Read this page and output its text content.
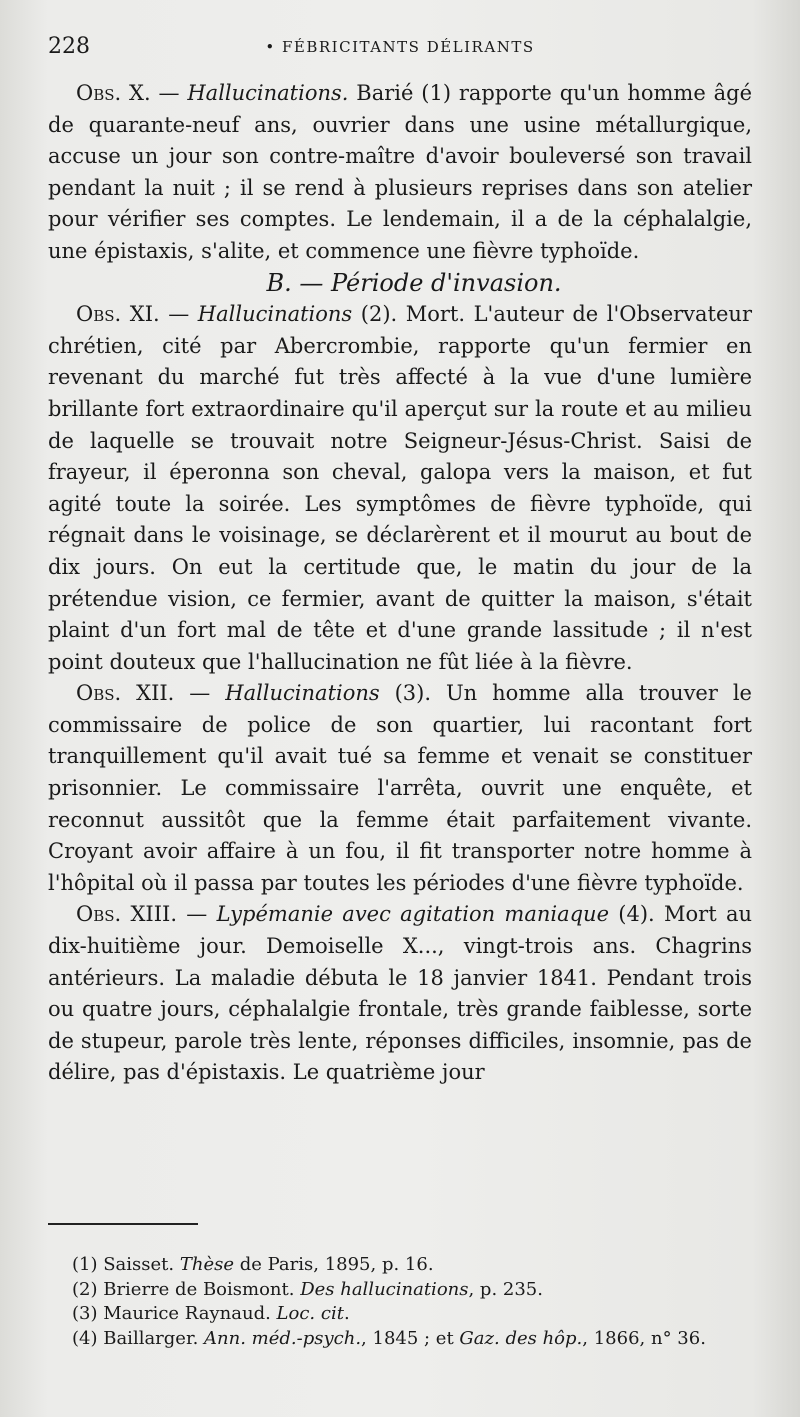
228	• FÉBRICITANTS DÉLIRANTS

Obs. X. — Hallucinations. Barié (1) rapporte qu'un homme âgé de quarante-neuf ans, ouvrier dans une usine métallurgique, accuse un jour son contre-maître d'avoir bouleversé son travail pendant la nuit ; il se rend à plusieurs reprises dans son atelier pour vérifier ses comptes. Le lendemain, il a de la céphalalgie, une épistaxis, s'alite, et commence une fièvre typhoïde.

B. — Période d'invasion.

Obs. XI. — Hallucinations (2). Mort. L'auteur de l'Observateur chrétien, cité par Abercrombie, rapporte qu'un fermier en revenant du marché fut très affecté à la vue d'une lumière brillante fort extraordinaire qu'il aperçut sur la route et au milieu de laquelle se trouvait notre Seigneur-Jésus-Christ. Saisi de frayeur, il éperonna son cheval, galopa vers la maison, et fut agité toute la soirée. Les symptômes de fièvre typhoïde, qui régnait dans le voisinage, se déclarèrent et il mourut au bout de dix jours. On eut la certitude que, le matin du jour de la prétendue vision, ce fermier, avant de quitter la maison, s'était plaint d'un fort mal de tête et d'une grande lassitude ; il n'est point douteux que l'hallucination ne fût liée à la fièvre.

Obs. XII. — Hallucinations (3). Un homme alla trouver le commissaire de police de son quartier, lui racontant fort tranquillement qu'il avait tué sa femme et venait se constituer prisonnier. Le commissaire l'arrêta, ouvrit une enquête, et reconnut aussitôt que la femme était parfaitement vivante. Croyant avoir affaire à un fou, il fit transporter notre homme à l'hôpital où il passa par toutes les périodes d'une fièvre typhoïde.

Obs. XIII. — Lypémanie avec agitation maniaque (4). Mort au dix-huitième jour. Demoiselle X..., vingt-trois ans. Chagrins antérieurs. La maladie débuta le 18 janvier 1841. Pendant trois ou quatre jours, céphalalgie frontale, très grande faiblesse, sorte de stupeur, parole très lente, réponses difficiles, insomnie, pas de délire, pas d'épistaxis. Le quatrième jour

(1) Saisset. Thèse de Paris, 1895, p. 16.
(2) Brierre de Boismont. Des hallucinations, p. 235.
(3) Maurice Raynaud. Loc. cit.
(4) Baillarger. Ann. méd.-psych., 1845 ; et Gaz. des hôp., 1866, n° 36.
